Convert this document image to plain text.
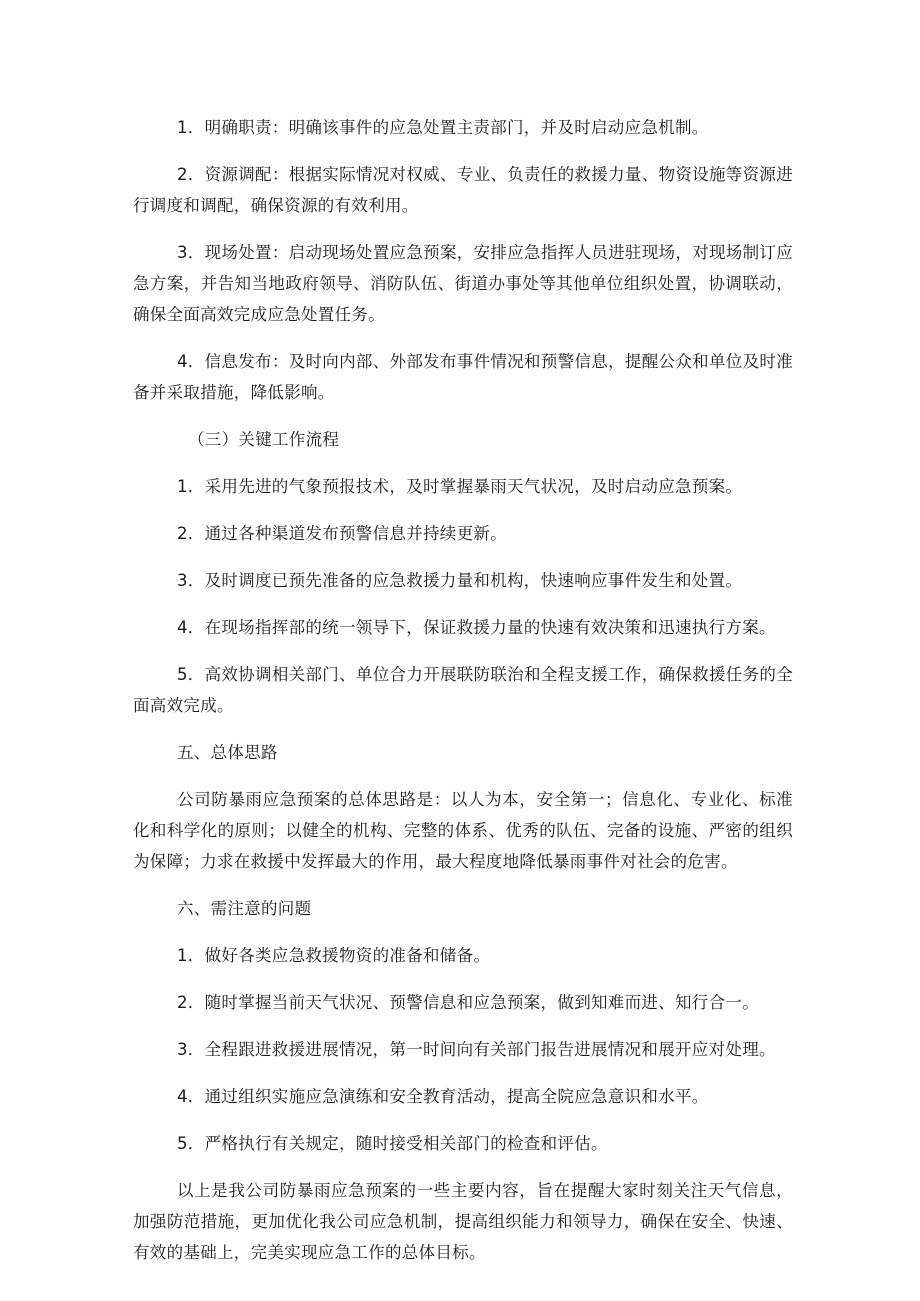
1．明确职责：明确该事件的应急处置主责部门，并及时启动应急机制。

2．资源调配：根据实际情况对权威、专业、负责任的救援力量、物资设施等资源进行调度和调配，确保资源的有效利用。

3．现场处置：启动现场处置应急预案，安排应急指挥人员进驻现场，对现场制订应急方案，并告知当地政府领导、消防队伍、街道办事处等其他单位组织处置，协调联动，确保全面高效完成应急处置任务。

4．信息发布：及时向内部、外部发布事件情况和预警信息，提醒公众和单位及时准备并采取措施，降低影响。

（三）关键工作流程

1．采用先进的气象预报技术，及时掌握暴雨天气状况，及时启动应急预案。

2．通过各种渠道发布预警信息并持续更新。

3．及时调度已预先准备的应急救援力量和机构，快速响应事件发生和处置。

4．在现场指挥部的统一领导下，保证救援力量的快速有效决策和迅速执行方案。

5．高效协调相关部门、单位合力开展联防联治和全程支援工作，确保救援任务的全面高效完成。

五、总体思路

公司防暴雨应急预案的总体思路是：以人为本，安全第一；信息化、专业化、标准化和科学化的原则；以健全的机构、完整的体系、优秀的队伍、完备的设施、严密的组织为保障；力求在救援中发挥最大的作用，最大程度地降低暴雨事件对社会的危害。

六、需注意的问题

1．做好各类应急救援物资的准备和储备。

2．随时掌握当前天气状况、预警信息和应急预案，做到知难而进、知行合一。

3．全程跟进救援进展情况，第一时间向有关部门报告进展情况和展开应对处理。

4．通过组织实施应急演练和安全教育活动，提高全院应急意识和水平。

5．严格执行有关规定，随时接受相关部门的检查和评估。

以上是我公司防暴雨应急预案的一些主要内容，旨在提醒大家时刻关注天气信息，加强防范措施，更加优化我公司应急机制，提高组织能力和领导力，确保在安全、快速、有效的基础上，完美实现应急工作的总体目标。
